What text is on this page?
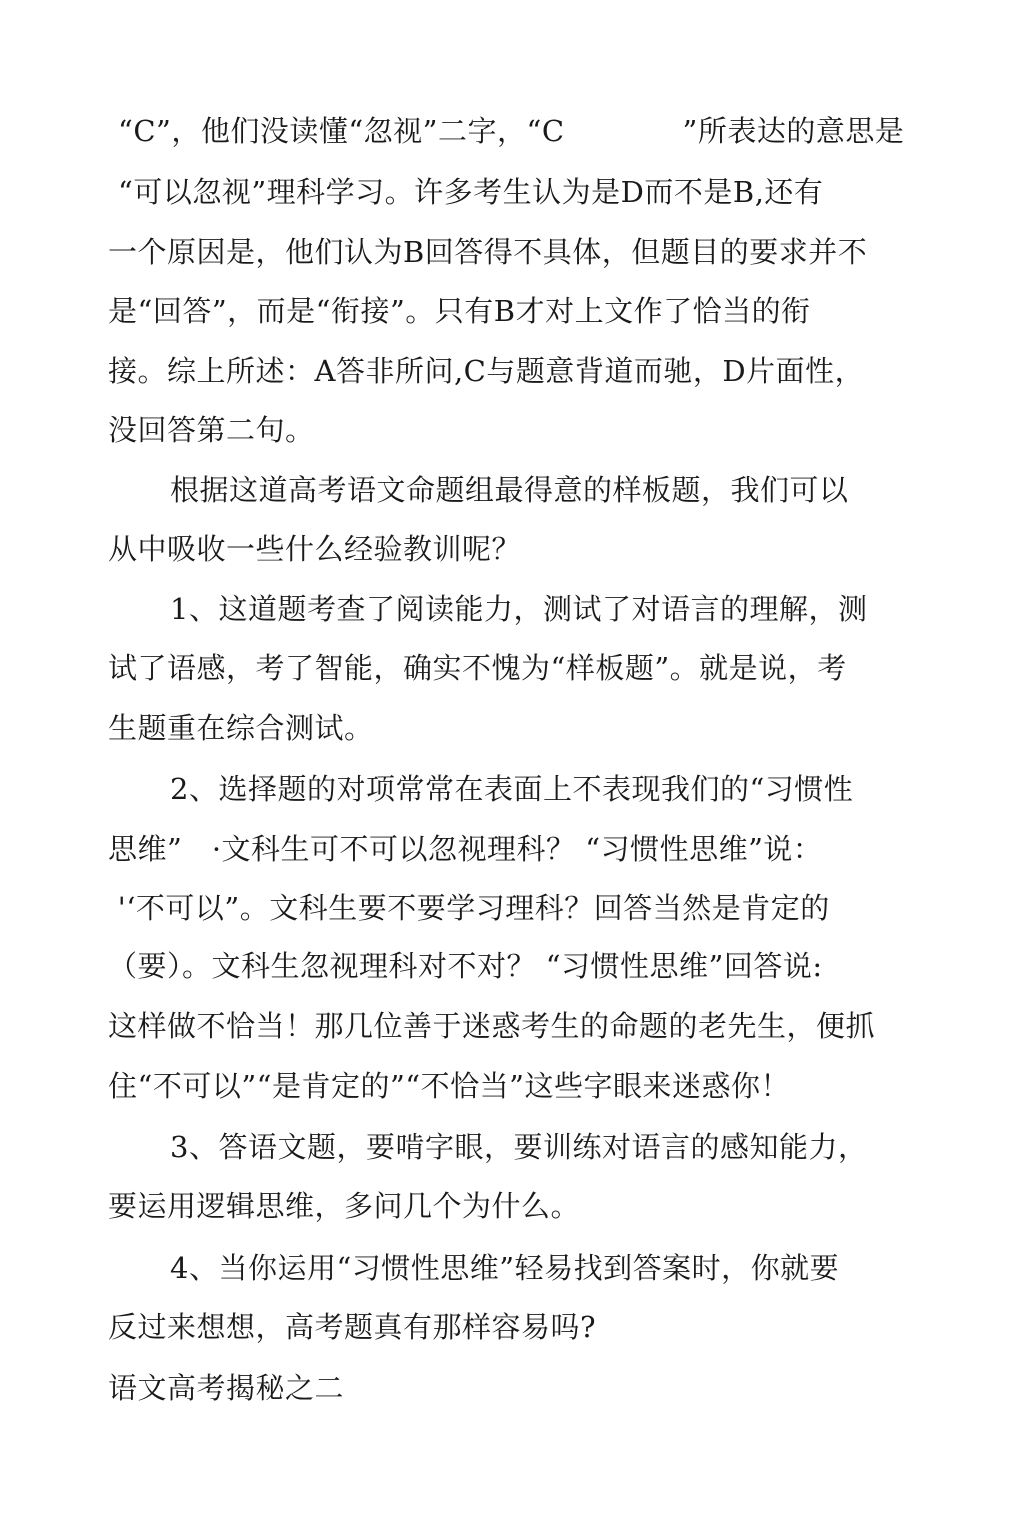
“C”，他们没读懂“忽视”二字，“C　　　　”所表达的意思是
“可以忽视”理科学习。许多考生认为是D而不是B,还有
一个原因是，他们认为B回答得不具体，但题目的要求并不
是“回答”，而是“衔接”。只有B才对上文作了恰当的衔
接。综上所述：A答非所问,C与题意背道而驰，D片面性，
没回答第二句。
根据这道高考语文命题组最得意的样板题，我们可以
从中吸收一些什么经验教训呢？
1、这道题考查了阅读能力，测试了对语言的理解，测
试了语感，考了智能，确实不愧为“样板题”。就是说，考
生题重在综合测试。
2、选择题的对项常常在表面上不表现我们的“习惯性
思维”　·文科生可不可以忽视理科？ “习惯性思维”说：
'‘不可以”。文科生要不要学习理科？回答当然是肯定的
（要）。文科生忽视理科对不对？ “习惯性思维”回答说:
这样做不恰当！那几位善于迷惑考生的命题的老先生，便抓
住“不可以”“是肯定的”“不恰当”这些字眼来迷惑你！
3、答语文题，要啃字眼，要训练对语言的感知能力，
要运用逻辑思维，多问几个为什么。
4、当你运用“习惯性思维”轻易找到答案时，你就要
反过来想想，高考题真有那样容易吗?
语文高考揭秘之二
